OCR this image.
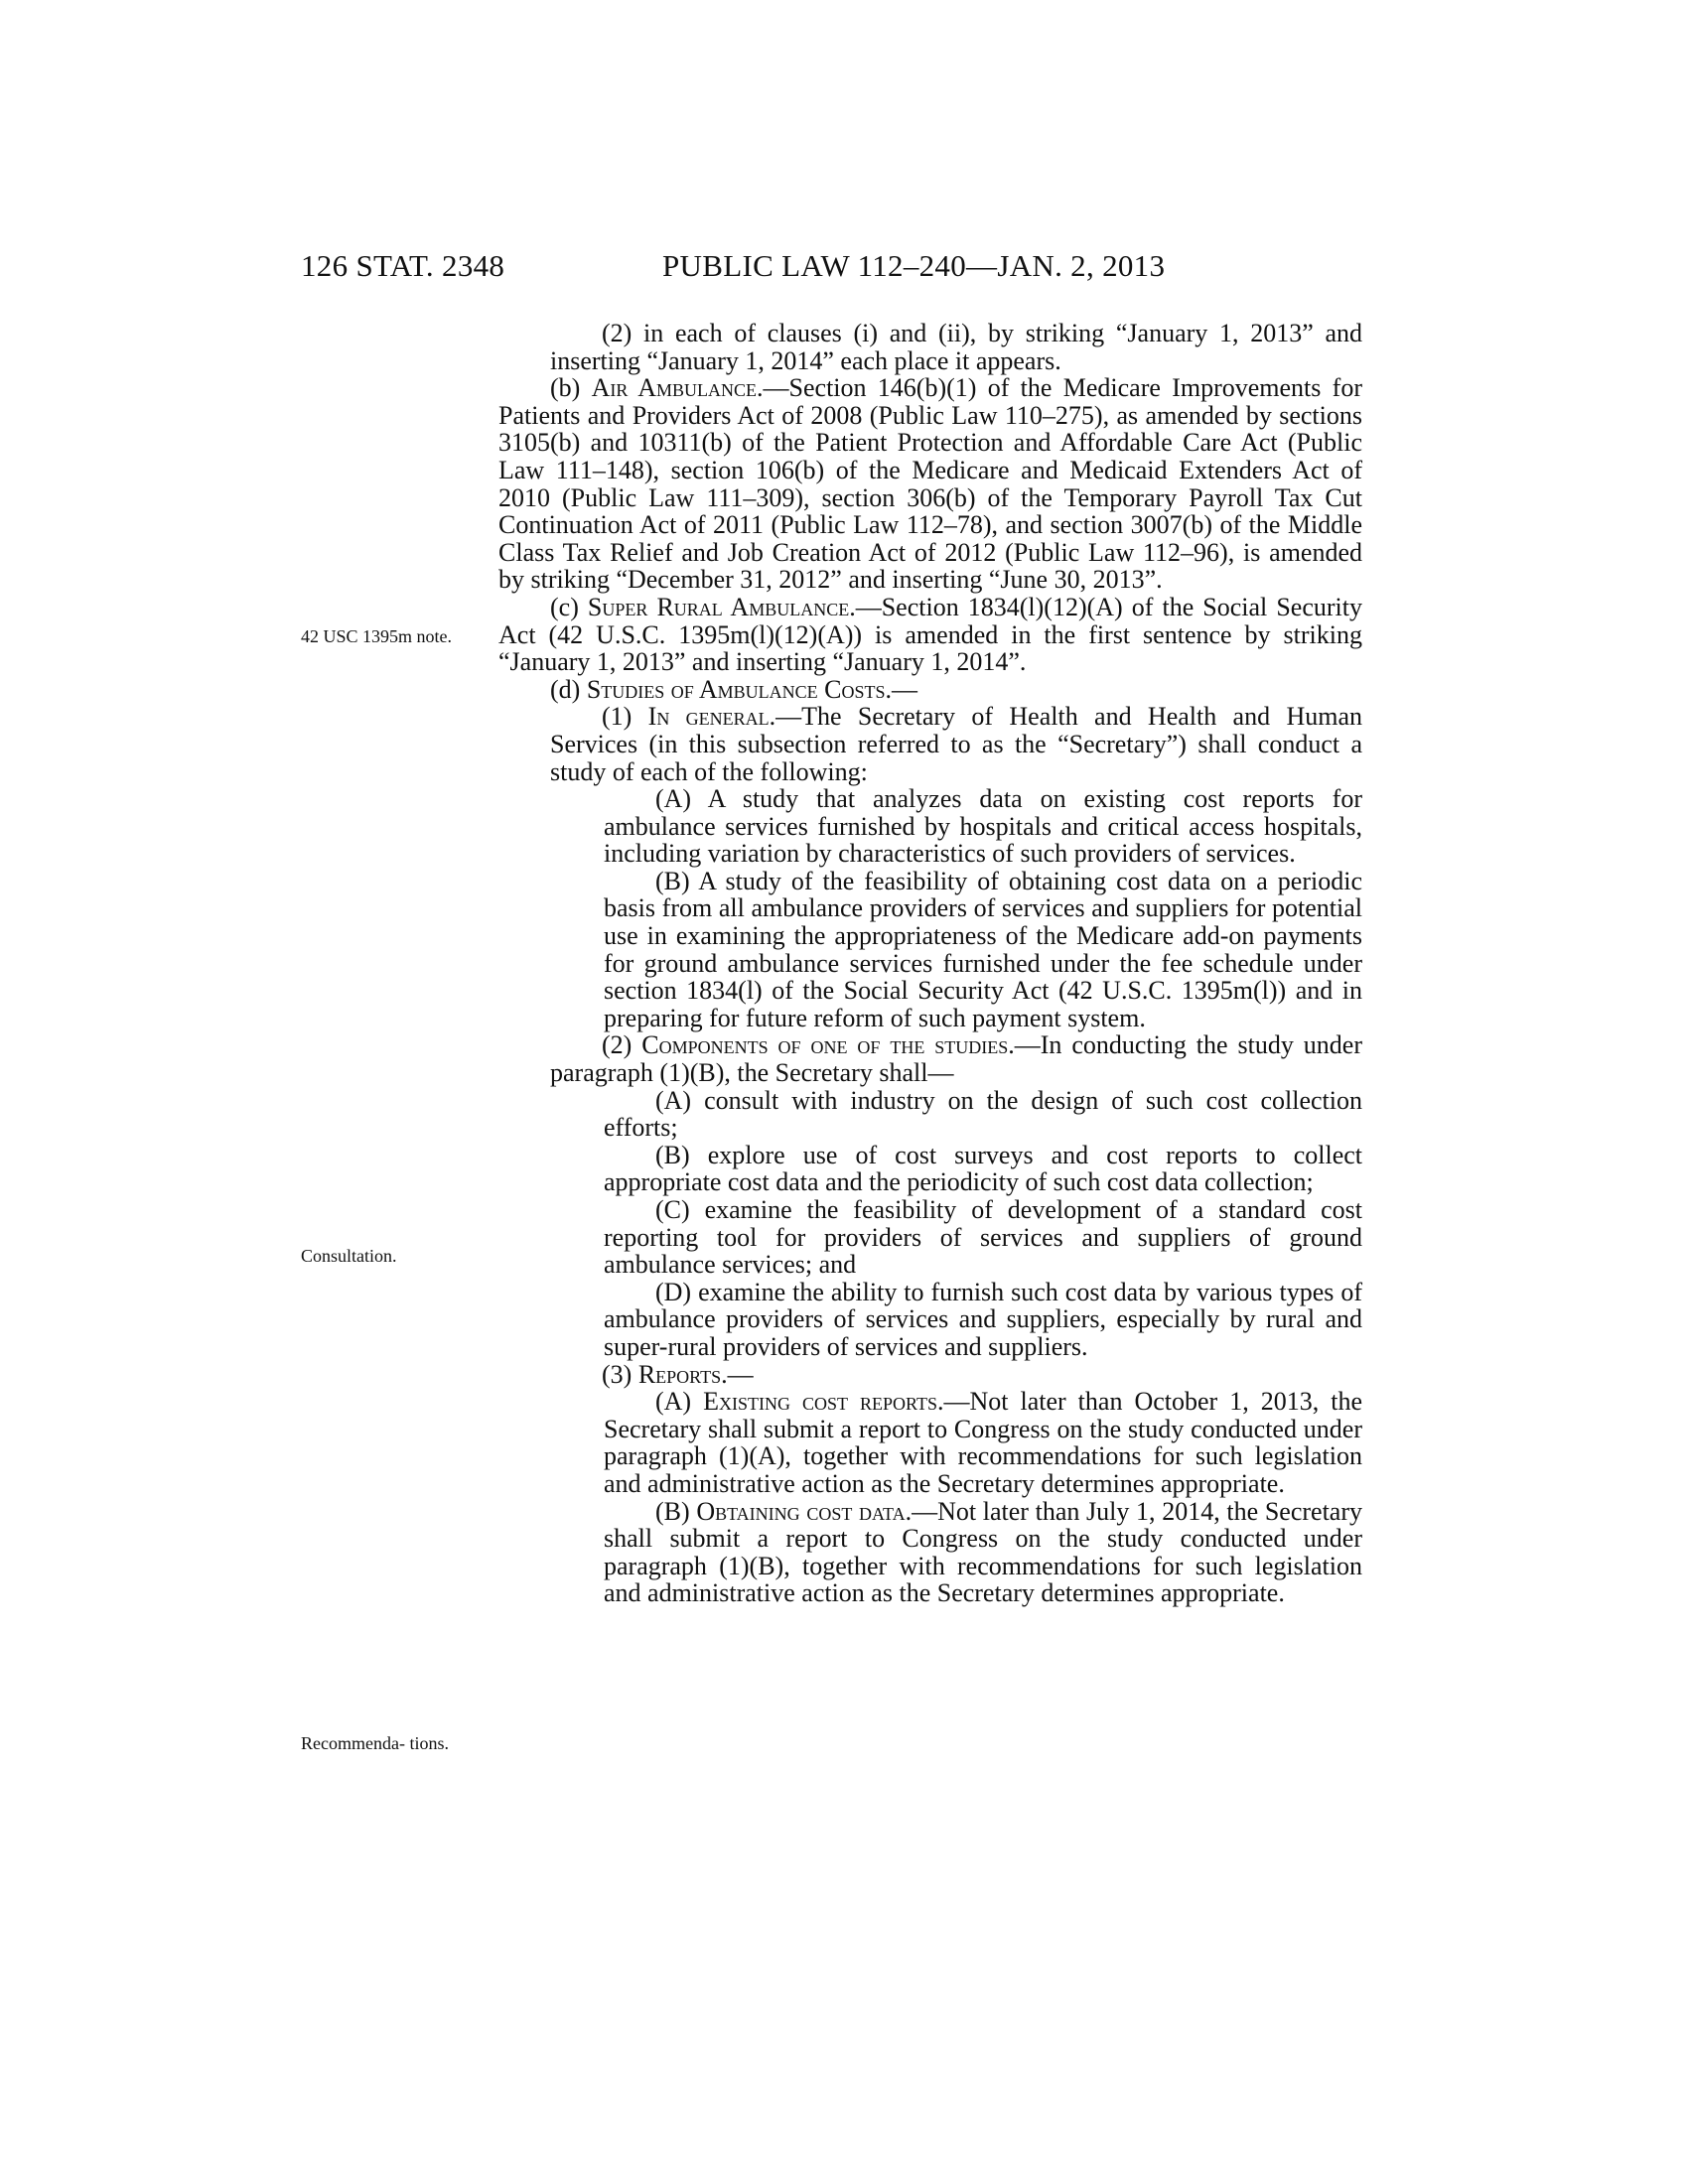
126 STAT. 2348	PUBLIC LAW 112–240—JAN. 2, 2013
42 USC 1395m note.
Consultation.
Recommenda- tions.

(2) in each of clauses (i) and (ii), by striking “January 1, 2013” and inserting “January 1, 2014” each place it appears.

(b) Air Ambulance.—Section 146(b)(1) of the Medicare Improvements for Patients and Providers Act of 2008 (Public Law 110–275), as amended by sections 3105(b) and 10311(b) of the Patient Protection and Affordable Care Act (Public Law 111–148), section 106(b) of the Medicare and Medicaid Extenders Act of 2010 (Public Law 111–309), section 306(b) of the Temporary Payroll Tax Cut Continuation Act of 2011 (Public Law 112–78), and section 3007(b) of the Middle Class Tax Relief and Job Creation Act of 2012 (Public Law 112–96), is amended by striking “December 31, 2012” and inserting “June 30, 2013”.

(c) Super Rural Ambulance.—Section 1834(l)(12)(A) of the Social Security Act (42 U.S.C. 1395m(l)(12)(A)) is amended in the first sentence by striking “January 1, 2013” and inserting “January 1, 2014”.

(d) Studies of Ambulance Costs.—

(1) In general.—The Secretary of Health and Health and Human Services (in this subsection referred to as the “Secretary”) shall conduct a study of each of the following:

(A) A study that analyzes data on existing cost reports for ambulance services furnished by hospitals and critical access hospitals, including variation by characteristics of such providers of services.

(B) A study of the feasibility of obtaining cost data on a periodic basis from all ambulance providers of services and suppliers for potential use in examining the appropriateness of the Medicare add-on payments for ground ambulance services furnished under the fee schedule under section 1834(l) of the Social Security Act (42 U.S.C. 1395m(l)) and in preparing for future reform of such payment system.

(2) Components of one of the studies.—In conducting the study under paragraph (1)(B), the Secretary shall—

(A) consult with industry on the design of such cost collection efforts;

(B) explore use of cost surveys and cost reports to collect appropriate cost data and the periodicity of such cost data collection;

(C) examine the feasibility of development of a standard cost reporting tool for providers of services and suppliers of ground ambulance services; and

(D) examine the ability to furnish such cost data by various types of ambulance providers of services and suppliers, especially by rural and super-rural providers of services and suppliers.

(3) Reports.—

(A) Existing cost reports.—Not later than October 1, 2013, the Secretary shall submit a report to Congress on the study conducted under paragraph (1)(A), together with recommendations for such legislation and administrative action as the Secretary determines appropriate.

(B) Obtaining cost data.—Not later than July 1, 2014, the Secretary shall submit a report to Congress on the study conducted under paragraph (1)(B), together with recommendations for such legislation and administrative action as the Secretary determines appropriate.
